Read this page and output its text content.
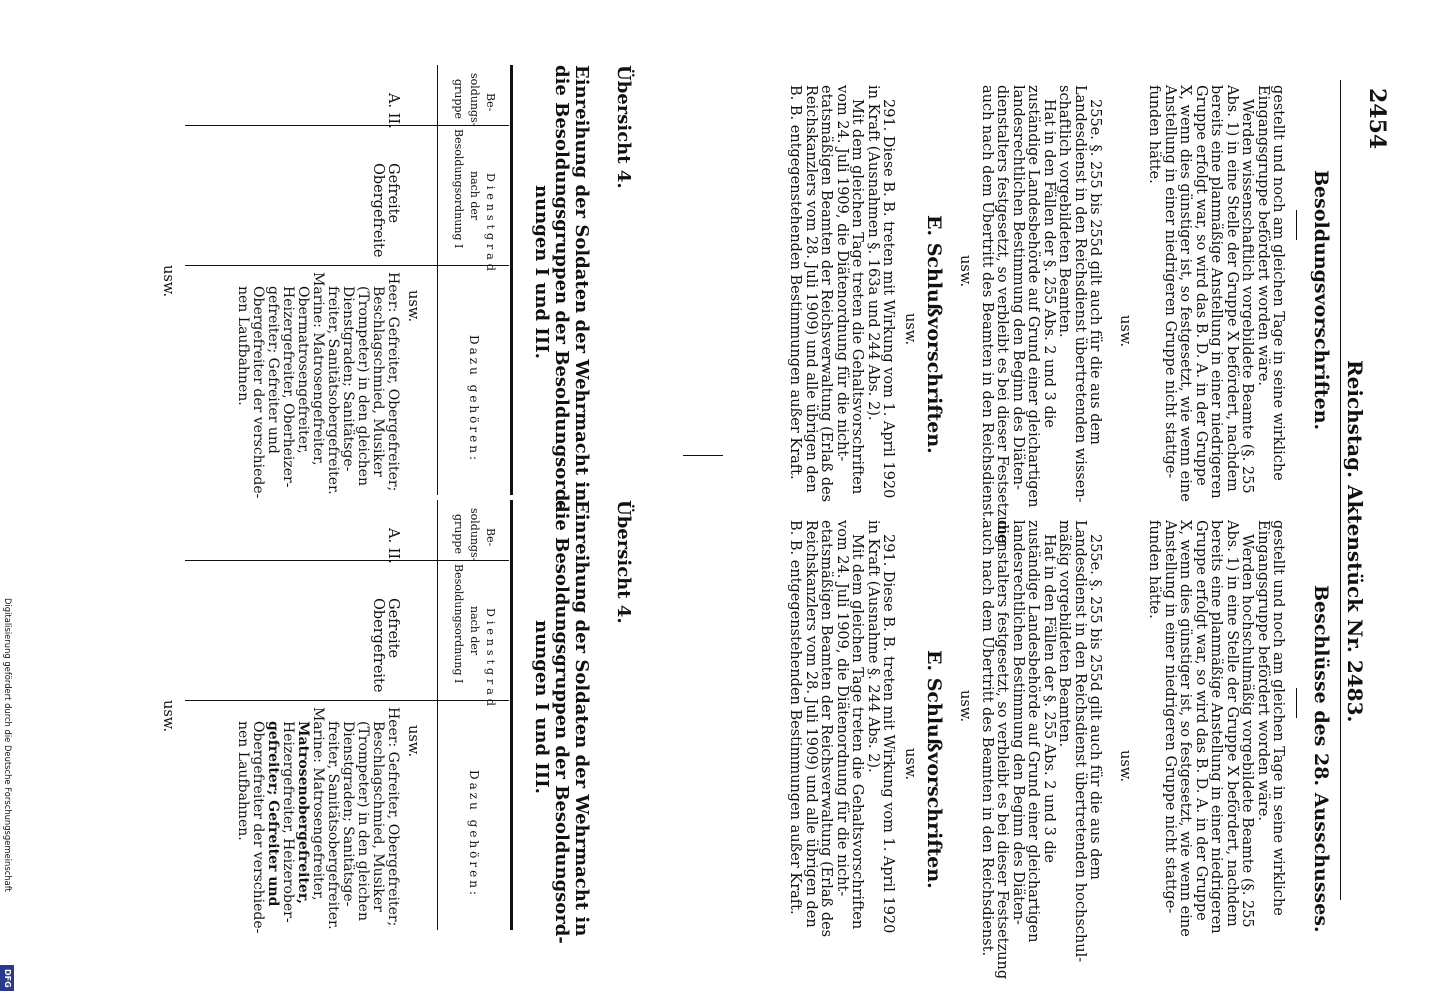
2454
Besoldungsvorschriften.
Reichstag. Aktenstück Nr. 2483.
Beschlüsse des 28. Ausschusses.
gestellt und noch am gleichen Tage in seine wirkliche
Eingangsgruppe befördert worden wäre.
Werden wissenschaftlich vorgebildete Beamte (§. 255
Abs. 1) in eine Stelle der Gruppe X befördert, nachdem
bereits eine planmäßige Anstellung in einer niedrigeren
Gruppe erfolgt war, so wird das B. D. A. in der Gruppe
X, wenn dies günstiger ist, so festgesetzt, wie wenn eine
Anstellung in einer niedrigeren Gruppe nicht stattge-
funden hätte.
usw.
255e. §. 255 bis 255d gilt auch für die aus dem
Landesdienst in den Reichsdienst übertretenden wissen-
schaftlich vorgebildeten Beamten.
Hat in den Fällen der §. 255 Abs. 2 und 3 die
zuständige Landesbehörde auf Grund einer gleichartigen
landesrechtlichen Bestimmung den Beginn des Diäten-
dienstalters festgesetzt, so verbleibt es bei dieser Festsetzung
auch nach dem Übertritt des Beamten in den Reichsdienst.
usw.
E. Schlußvorschriften.
usw.
291. Diese B. B. treten mit Wirkung vom 1. April 1920
in Kraft (Ausnahmen §. 163a und 244 Abs. 2).
Mit dem gleichen Tage treten die Gehaltsvorschriften
vom 24. Juli 1909, die Diätenordnung für die nicht-
etatsmäßigen Beamten der Reichsverwaltung (Erlaß des
Reichskanzlers vom 28. Juli 1909) und alle übrigen den
B. B. entgegenstehenden Bestimmungen außer Kraft.
Übersicht 4.
Einreihung der Soldaten der Wehrmacht in
die Besoldungsgruppen der Besoldungsord-
nungen I und III.
Be-
soldungs-
gruppe
Dienstgrad
nach der
Besoldungsordnung I
Dazu gehören:
A. II.
Gefreite
Obergefreite
Heer: Gefreiter, Obergefreiter;
Beschlagschmied, Musiker
(Trompeter) in den gleichen
Dienstgraden; Sanitätsge-
freiter, Sanitätsobergefreiter.
Marine: Matrosengefreiter,
Obermatrosengefreiter,
Heizergefreiter, Oberheizer-
gefreiter; Gefreiter und
Obergefreiter der verschiede-
nen Laufbahnen.	usw.
usw.
gestellt und noch am gleichen Tage in seine wirkliche
Eingangsgruppe befördert worden wäre.
Werden hochschulmäßig vorgebildete Beamte (§. 255
Abs. 1) in eine Stelle der Gruppe X befördert, nachdem
bereits eine planmäßige Anstellung in einer niedrigeren
Gruppe erfolgt war, so wird das B. D. A. in der Gruppe
X, wenn dies günstiger ist, so festgesetzt, wie wenn eine
Anstellung in einer niedrigeren Gruppe nicht stattge-
funden hätte.
usw.
255e. §. 255 bis 255d gilt auch für die aus dem
Landesdienst in den Reichsdienst übertretenden hochschul-
mäßig vorgebildeten Beamten.
Hat in den Fällen der §. 255 Abs. 2 und 3 die
zuständige Landesbehörde auf Grund einer gleichartigen
landesrechtlichen Bestimmung den Beginn des Diäten-
dienstalters festgesetzt, so verbleibt es bei dieser Festsetzung
auch nach dem Übertritt des Beamten in den Reichsdienst.
usw.
E. Schlußvorschriften.
usw.
291. Diese B. B. treten mit Wirkung vom 1. April 1920
in Kraft (Ausnahme §. 244 Abs. 2).
Mit dem gleichen Tage treten die Gehaltsvorschriften
vom 24. Juli 1909, die Diätenordnung für die nicht-
etatsmäßigen Beamten der Reichsverwaltung (Erlaß des
Reichskanzlers vom 28. Juli 1909) und alle übrigen den
B. B. entgegenstehenden Bestimmungen außer Kraft.
Übersicht 4.
Einreihung der Soldaten der Wehrmacht in
die Besoldungsgruppen der Besoldungsord-
nungen I und III.
Be-
soldungs-
gruppe
Dienstgrad
nach der
Besoldungsordnung I
Dazu gehören:
A. II.
Gefreite
Obergefreite
Heer: Gefreiter, Obergefreiter;
Beschlagschmied, Musiker
(Trompeter) in den gleichen
Dienstgraden; Sanitätsge-
freiter, Sanitätsobergefreiter.
Marine: Matrosengefreiter,
Matrosenobergefreiter,
Heizergefreiter, Heizerober-
gefreiter; Gefreiter und
Obergefreiter der verschiede-
nen Laufbahnen.	usw.
usw.
Digitalisierung gefördert durch die Deutsche Forschungsgemeinschaft
DFG
